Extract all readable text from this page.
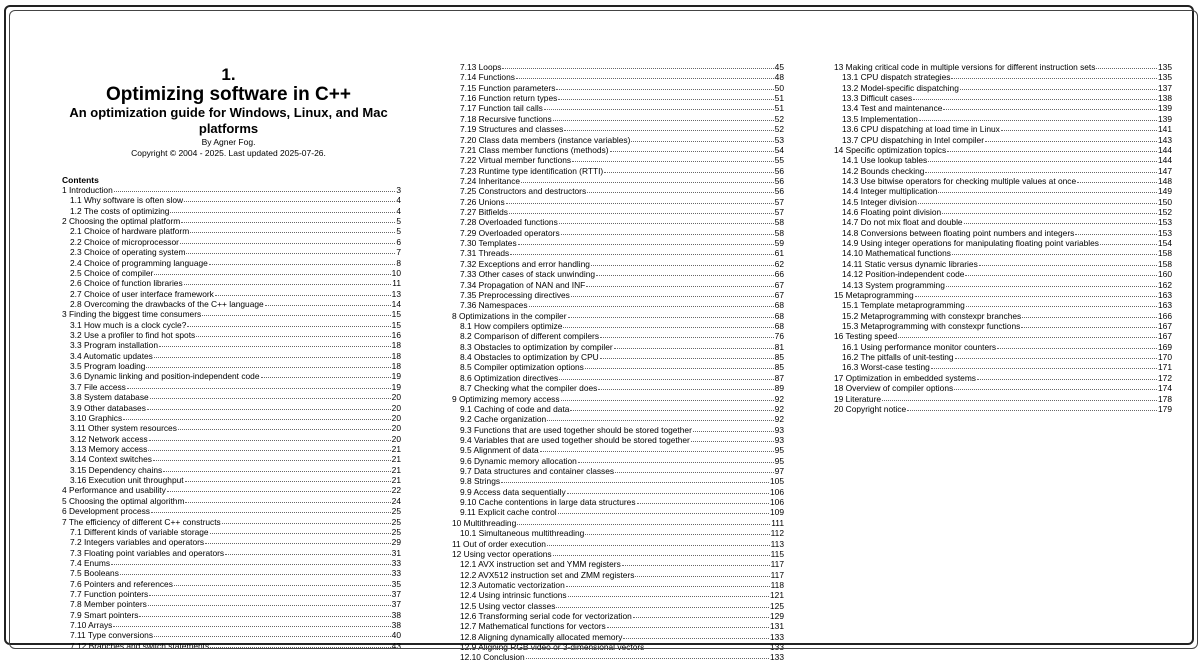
1.
Optimizing software in C++
An optimization guide for Windows, Linux, and Mac platforms
By Agner Fog.
Copyright © 2004 - 2025. Last updated 2025-07-26.
Contents
1 Introduction	3
1.1 Why software is often slow	4
1.2 The costs of optimizing	4
2 Choosing the optimal platform	5
2.1 Choice of hardware platform	5
2.2 Choice of microprocessor	6
2.3 Choice of operating system	7
2.4 Choice of programming language	8
2.5 Choice of compiler	10
2.6 Choice of function libraries	11
2.7 Choice of user interface framework	13
2.8 Overcoming the drawbacks of the C++ language	14
3 Finding the biggest time consumers	15
3.1 How much is a clock cycle?	15
3.2 Use a profiler to find hot spots	16
3.3 Program installation	18
3.4 Automatic updates	18
3.5 Program loading	18
3.6 Dynamic linking and position-independent code	19
3.7 File access	19
3.8 System database	20
3.9 Other databases	20
3.10 Graphics	20
3.11 Other system resources	20
3.12 Network access	20
3.13 Memory access	21
3.14 Context switches	21
3.15 Dependency chains	21
3.16 Execution unit throughput	21
4 Performance and usability	22
5 Choosing the optimal algorithm	24
6 Development process	25
7 The efficiency of different C++ constructs	25
7.1 Different kinds of variable storage	25
7.2 Integers variables and operators	29
7.3 Floating point variables and operators	31
7.4 Enums	33
7.5 Booleans	33
7.6 Pointers and references	35
7.7 Function pointers	37
7.8 Member pointers	37
7.9 Smart pointers	38
7.10 Arrays	38
7.11 Type conversions	40
7.12 Branches and switch statements	43
7.13 Loops	45
7.14 Functions	48
7.15 Function parameters	50
7.16 Function return types	51
7.17 Function tail calls	51
7.18 Recursive functions	52
7.19 Structures and classes	52
7.20 Class data members (instance variables)	53
7.21 Class member functions (methods)	54
7.22 Virtual member functions	55
7.23 Runtime type identification (RTTI)	56
7.24 Inheritance	56
7.25 Constructors and destructors	56
7.26 Unions	57
7.27 Bitfields	57
7.28 Overloaded functions	58
7.29 Overloaded operators	58
7.30 Templates	59
7.31 Threads	61
7.32 Exceptions and error handling	62
7.33 Other cases of stack unwinding	66
7.34 Propagation of NAN and INF	67
7.35 Preprocessing directives	67
7.36 Namespaces	68
8 Optimizations in the compiler	68
8.1 How compilers optimize	68
8.2 Comparison of different compilers	76
8.3 Obstacles to optimization by compiler	81
8.4 Obstacles to optimization by CPU	85
8.5 Compiler optimization options	85
8.6 Optimization directives	87
8.7 Checking what the compiler does	89
9 Optimizing memory access	92
9.1 Caching of code and data	92
9.2 Cache organization	92
9.3 Functions that are used together should be stored together	93
9.4 Variables that are used together should be stored together	93
9.5 Alignment of data	95
9.6 Dynamic memory allocation	95
9.7 Data structures and container classes	97
9.8 Strings	105
9.9 Access data sequentially	106
9.10 Cache contentions in large data structures	106
9.11 Explicit cache control	109
10 Multithreading	111
10.1 Simultaneous multithreading	112
11 Out of order execution	113
12 Using vector operations	115
12.1 AVX instruction set and YMM registers	117
12.2 AVX512 instruction set and ZMM registers	117
12.3 Automatic vectorization	118
12.4 Using intrinsic functions	121
12.5 Using vector classes	125
12.6 Transforming serial code for vectorization	129
12.7 Mathematical functions for vectors	131
12.8 Aligning dynamically allocated memory	133
12.9 Aligning RGB video or 3-dimensional vectors	133
12.10 Conclusion	133
13 Making critical code in multiple versions for different instruction sets	135
13.1 CPU dispatch strategies	135
13.2 Model-specific dispatching	137
13.3 Difficult cases	138
13.4 Test and maintenance	139
13.5 Implementation	139
13.6 CPU dispatching at load time in Linux	141
13.7 CPU dispatching in Intel compiler	143
14 Specific optimization topics	144
14.1 Use lookup tables	144
14.2 Bounds checking	147
14.3 Use bitwise operators for checking multiple values at once	148
14.4 Integer multiplication	149
14.5 Integer division	150
14.6 Floating point division	152
14.7 Do not mix float and double	153
14.8 Conversions between floating point numbers and integers	153
14.9 Using integer operations for manipulating floating point variables	154
14.10 Mathematical functions	158
14.11 Static versus dynamic libraries	158
14.12 Position-independent code	160
14.13 System programming	162
15 Metaprogramming	163
15.1 Template metaprogramming	163
15.2 Metaprogramming with constexpr branches	166
15.3 Metaprogramming with constexpr functions	167
16 Testing speed	167
16.1 Using performance monitor counters	169
16.2 The pitfalls of unit-testing	170
16.3 Worst-case testing	171
17 Optimization in embedded systems	172
18 Overview of compiler options	174
19 Literature	178
20 Copyright notice	179
